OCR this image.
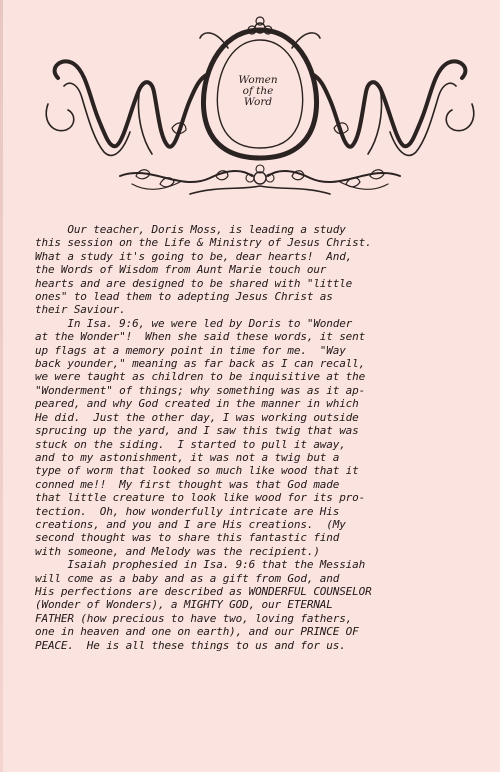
Women
of the
Word
Our teacher, Doris Moss, is leading a study
this session on the Life & Ministry of Jesus Christ.
What a study it's going to be, dear hearts!  And,
the Words of Wisdom from Aunt Marie touch our
hearts and are designed to be shared with "little
ones" to lead them to adepting Jesus Christ as
their Saviour.
In Isa. 9:6, we were led by Doris to "Wonder
at the Wonder"!  When she said these words, it sent
up flags at a memory point in time for me.  "Way
back younder," meaning as far back as I can recall,
we were taught as children to be inquisitive at the
"Wonderment" of things; why something was as it ap-
peared, and why God created in the manner in which
He did.  Just the other day, I was working outside
sprucing up the yard, and I saw this twig that was
stuck on the siding.  I started to pull it away,
and to my astonishment, it was not a twig but a
type of worm that looked so much like wood that it
conned me!!  My first thought was that God made
that little creature to look like wood for its pro-
tection.  Oh, how wonderfully intricate are His
creations, and you and I are His creations.  (My
second thought was to share this fantastic find
with someone, and Melody was the recipient.)
Isaiah prophesied in Isa. 9:6 that the Messiah
will come as a baby and as a gift from God, and
His perfections are described as WONDERFUL COUNSELOR
(Wonder of Wonders), a MIGHTY GOD, our ETERNAL
FATHER (how precious to have two, loving fathers,
one in heaven and one on earth), and our PRINCE OF
PEACE.  He is all these things to us and for us.
